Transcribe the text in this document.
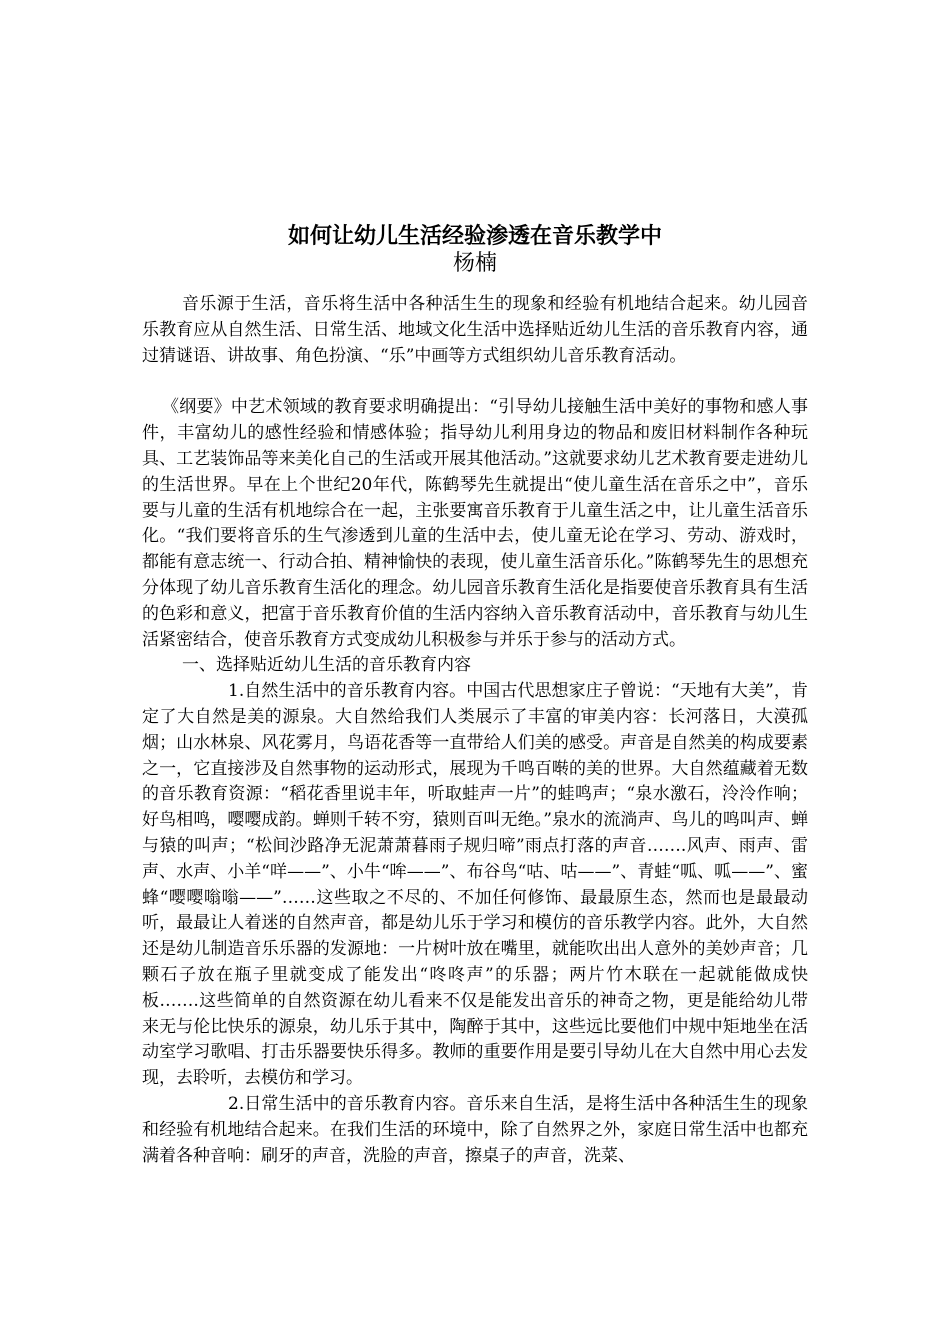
如何让幼儿生活经验渗透在音乐教学中
杨楠

音乐源于生活，音乐将生活中各种活生生的现象和经验有机地结合起来。幼儿园音乐教育应从自然生活、日常生活、地域文化生活中选择贴近幼儿生活的音乐教育内容，通过猜谜语、讲故事、角色扮演、“乐”中画等方式组织幼儿音乐教育活动。

《纲要》中艺术领域的教育要求明确提出：“引导幼儿接触生活中美好的事物和感人事件，丰富幼儿的感性经验和情感体验；指导幼儿利用身边的物品和废旧材料制作各种玩具、工艺装饰品等来美化自己的生活或开展其他活动。”这就要求幼儿艺术教育要走进幼儿的生活世界。早在上个世纪20年代，陈鹤琴先生就提出“使儿童生活在音乐之中”，音乐要与儿童的生活有机地综合在一起，主张要寓音乐教育于儿童生活之中，让儿童生活音乐化。“我们要将音乐的生气渗透到儿童的生活中去，使儿童无论在学习、劳动、游戏时，都能有意志统一、行动合拍、精神愉快的表现，使儿童生活音乐化。”陈鹤琴先生的思想充分体现了幼儿音乐教育生活化的理念。幼儿园音乐教育生活化是指要使音乐教育具有生活的色彩和意义，把富于音乐教育价值的生活内容纳入音乐教育活动中，音乐教育与幼儿生活紧密结合，使音乐教育方式变成幼儿积极参与并乐于参与的活动方式。

一、选择贴近幼儿生活的音乐教育内容

1.自然生活中的音乐教育内容。中国古代思想家庄子曾说：“天地有大美”，肯定了大自然是美的源泉。大自然给我们人类展示了丰富的审美内容：长河落日，大漠孤烟；山水林泉、风花雾月，鸟语花香等一直带给人们美的感受。声音是自然美的构成要素之一，它直接涉及自然事物的运动形式，展现为千鸣百啭的美的世界。大自然蕴藏着无数的音乐教育资源：“稻花香里说丰年，听取蛙声一片”的蛙鸣声；“泉水激石，泠泠作响；好鸟相鸣，嘤嘤成韵。蝉则千转不穷，猿则百叫无绝。”泉水的流淌声、鸟儿的鸣叫声、蝉与猿的叫声；“松间沙路净无泥萧萧暮雨子规归啼”雨点打落的声音…….风声、雨声、雷声、水声、小羊“咩——”、小牛“哞——”、布谷鸟“咕、咕——”、青蛙“呱、呱——”、蜜蜂“嘤嘤嗡嗡——”……这些取之不尽的、不加任何修饰、最最原生态，然而也是最最动听，最最让人着迷的自然声音，都是幼儿乐于学习和模仿的音乐教学内容。此外，大自然还是幼儿制造音乐乐器的发源地：一片树叶放在嘴里，就能吹出出人意外的美妙声音；几颗石子放在瓶子里就变成了能发出“咚咚声”的乐器；两片竹木联在一起就能做成快板…….这些简单的自然资源在幼儿看来不仅是能发出音乐的神奇之物，更是能给幼儿带来无与伦比快乐的源泉，幼儿乐于其中，陶醉于其中，这些远比要他们中规中矩地坐在活动室学习歌唱、打击乐器要快乐得多。教师的重要作用是要引导幼儿在大自然中用心去发现，去聆听，去模仿和学习。

2.日常生活中的音乐教育内容。音乐来自生活，是将生活中各种活生生的现象和经验有机地结合起来。在我们生活的环境中，除了自然界之外，家庭日常生活中也都充满着各种音响：刷牙的声音，洗脸的声音，擦桌子的声音，洗菜、
